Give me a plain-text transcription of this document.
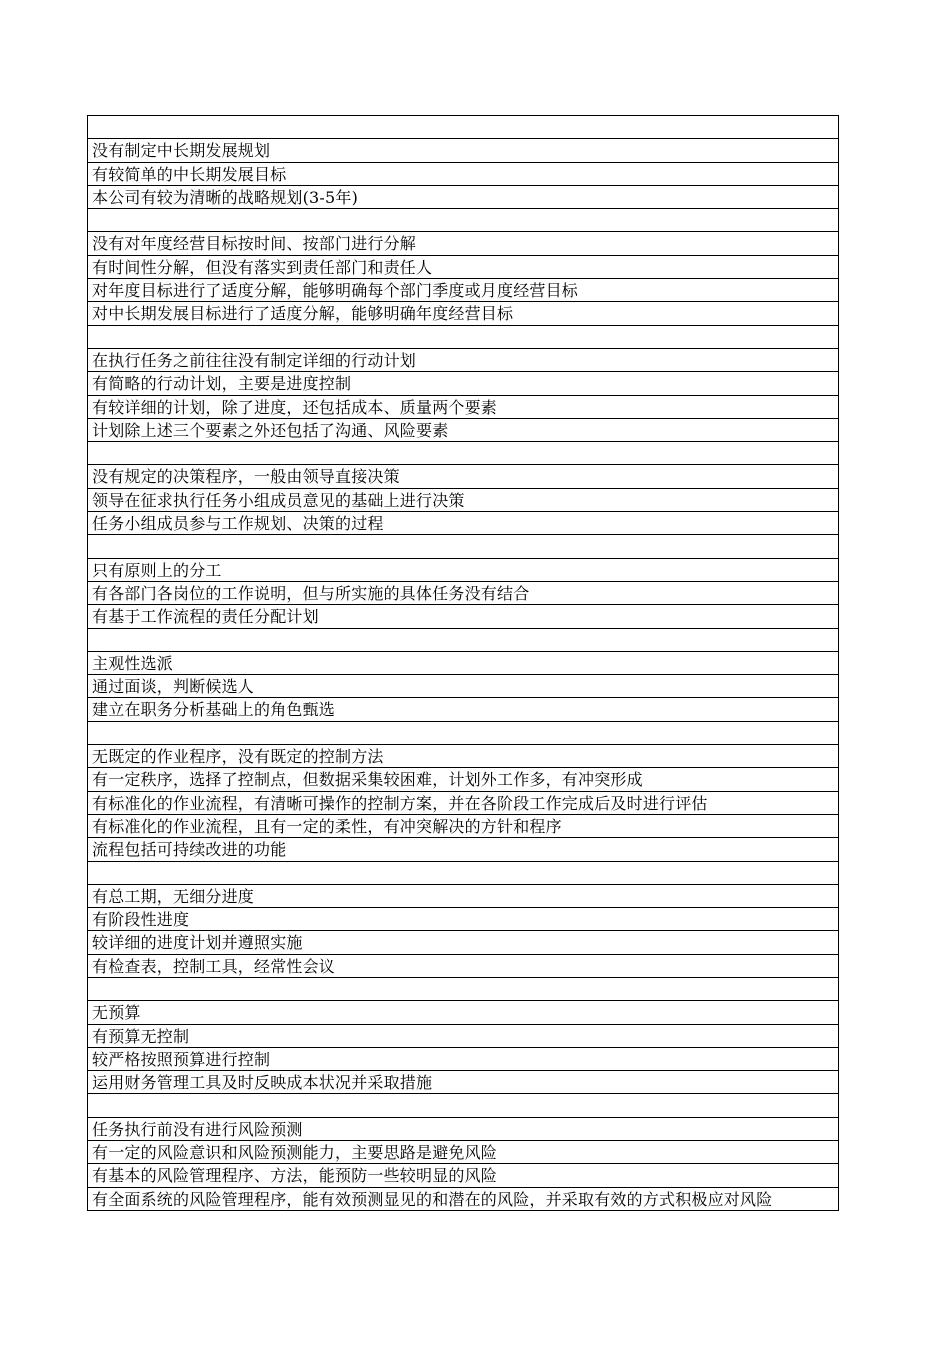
没有制定中长期发展规划
有较简单的中长期发展目标
本公司有较为清晰的战略规划(3-5年)
没有对年度经营目标按时间、按部门进行分解
有时间性分解，但没有落实到责任部门和责任人
对年度目标进行了适度分解，能够明确每个部门季度或月度经营目标
对中长期发展目标进行了适度分解，能够明确年度经营目标
在执行任务之前往往没有制定详细的行动计划
有简略的行动计划，主要是进度控制
有较详细的计划，除了进度，还包括成本、质量两个要素
计划除上述三个要素之外还包括了沟通、风险要素
没有规定的决策程序，一般由领导直接决策
领导在征求执行任务小组成员意见的基础上进行决策
任务小组成员参与工作规划、决策的过程
只有原则上的分工
有各部门各岗位的工作说明，但与所实施的具体任务没有结合
有基于工作流程的责任分配计划
主观性选派
通过面谈，判断候选人
建立在职务分析基础上的角色甄选
无既定的作业程序，没有既定的控制方法
有一定秩序，选择了控制点，但数据采集较困难，计划外工作多，有冲突形成
有标准化的作业流程，有清晰可操作的控制方案，并在各阶段工作完成后及时进行评估
有标准化的作业流程，且有一定的柔性，有冲突解决的方针和程序
流程包括可持续改进的功能
有总工期，无细分进度
有阶段性进度
较详细的进度计划并遵照实施
有检查表，控制工具，经常性会议
无预算
有预算无控制
较严格按照预算进行控制
运用财务管理工具及时反映成本状况并采取措施
任务执行前没有进行风险预测
有一定的风险意识和风险预测能力，主要思路是避免风险
有基本的风险管理程序、方法，能预防一些较明显的风险
有全面系统的风险管理程序，能有效预测显见的和潜在的风险，并采取有效的方式积极应对风险
